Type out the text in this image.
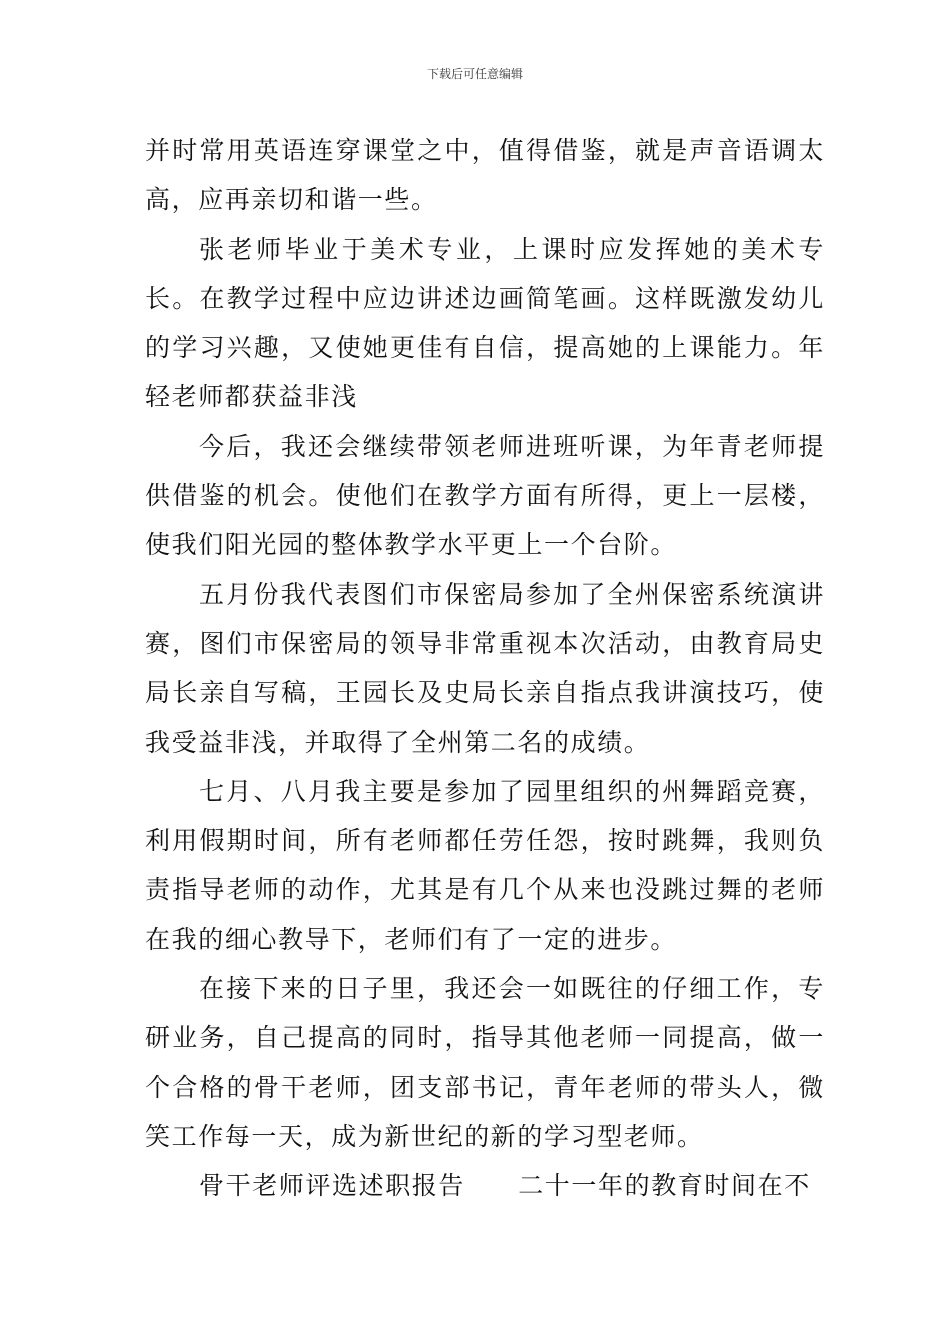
下载后可任意编辑

并时常用英语连穿课堂之中，值得借鉴，就是声音语调太高，应再亲切和谐一些。

张老师毕业于美术专业，上课时应发挥她的美术专长。在教学过程中应边讲述边画简笔画。这样既激发幼儿的学习兴趣，又使她更佳有自信，提高她的上课能力。年轻老师都获益非浅

今后，我还会继续带领老师进班听课，为年青老师提供借鉴的机会。使他们在教学方面有所得，更上一层楼，使我们阳光园的整体教学水平更上一个台阶。

五月份我代表图们市保密局参加了全州保密系统演讲赛，图们市保密局的领导非常重视本次活动，由教育局史局长亲自写稿，王园长及史局长亲自指点我讲演技巧，使我受益非浅，并取得了全州第二名的成绩。

七月、八月我主要是参加了园里组织的州舞蹈竞赛，利用假期时间，所有老师都任劳任怨，按时跳舞，我则负责指导老师的动作，尤其是有几个从来也没跳过舞的老师在我的细心教导下，老师们有了一定的进步。

在接下来的日子里，我还会一如既往的仔细工作，专研业务，自己提高的同时，指导其他老师一同提高，做一个合格的骨干老师，团支部书记，青年老师的带头人，微笑工作每一天，成为新世纪的新的学习型老师。

骨干老师评选述职报告　　二十一年的教育时间在不
